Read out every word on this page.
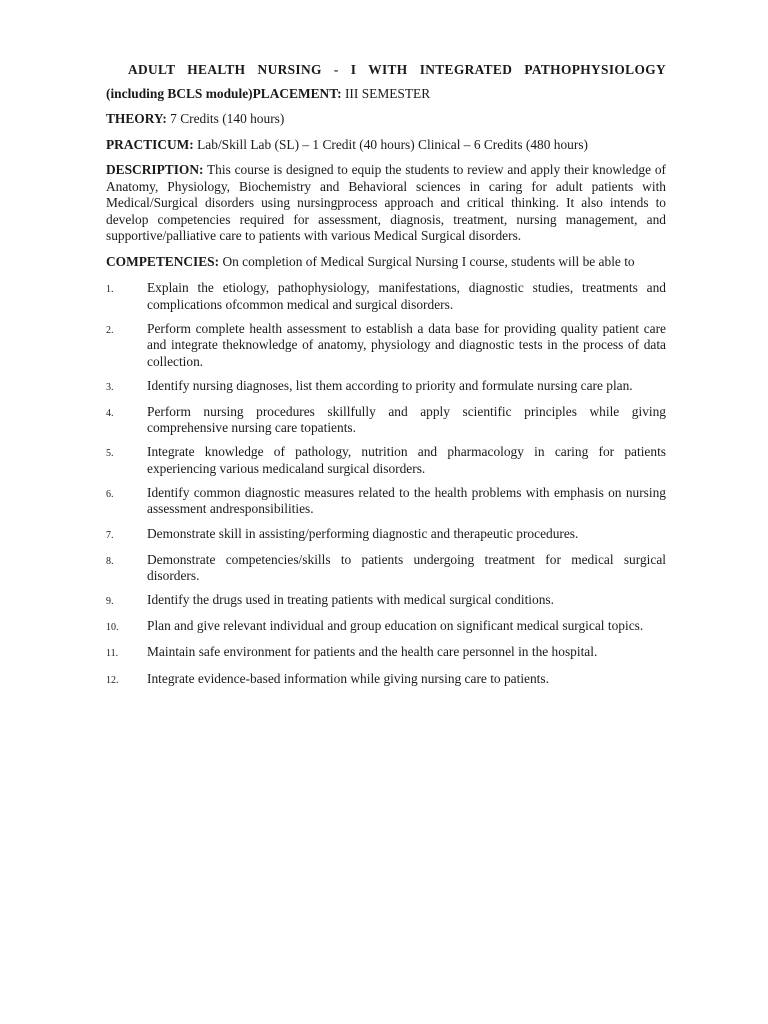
ADULT HEALTH NURSING - I WITH INTEGRATED PATHOPHYSIOLOGY

(including BCLS module)PLACEMENT: III SEMESTER

THEORY: 7 Credits (140 hours)

PRACTICUM: Lab/Skill Lab (SL) – 1 Credit (40 hours) Clinical – 6 Credits (480 hours)

DESCRIPTION: This course is designed to equip the students to review and apply their knowledge of Anatomy, Physiology, Biochemistry and Behavioral sciences in caring for adult patients with Medical/Surgical disorders using nursingprocess approach and critical thinking. It also intends to develop competencies required for assessment, diagnosis, treatment, nursing management, and supportive/palliative care to patients with various Medical Surgical disorders.

COMPETENCIES: On completion of Medical Surgical Nursing I course, students will be able to

1.	Explain the etiology, pathophysiology, manifestations, diagnostic studies, treatments and complications ofcommon medical and surgical disorders.
2.	Perform complete health assessment to establish a data base for providing quality patient care and integrate theknowledge of anatomy, physiology and diagnostic tests in the process of data collection.
3.	Identify nursing diagnoses, list them according to priority and formulate nursing care plan.
4.	Perform nursing procedures skillfully and apply scientific principles while giving comprehensive nursing care topatients.
5.	Integrate knowledge of pathology, nutrition and pharmacology in caring for patients experiencing various medicaland surgical disorders.
6.	Identify common diagnostic measures related to the health problems with emphasis on nursing assessment andresponsibilities.
7.	Demonstrate skill in assisting/performing diagnostic and therapeutic procedures.
8.	Demonstrate competencies/skills to patients undergoing treatment for medical surgical disorders.
9.	Identify the drugs used in treating patients with medical surgical conditions.
10.	Plan and give relevant individual and group education on significant medical surgical topics.
11.	Maintain safe environment for patients and the health care personnel in the hospital.
12.	Integrate evidence-based information while giving nursing care to patients.
